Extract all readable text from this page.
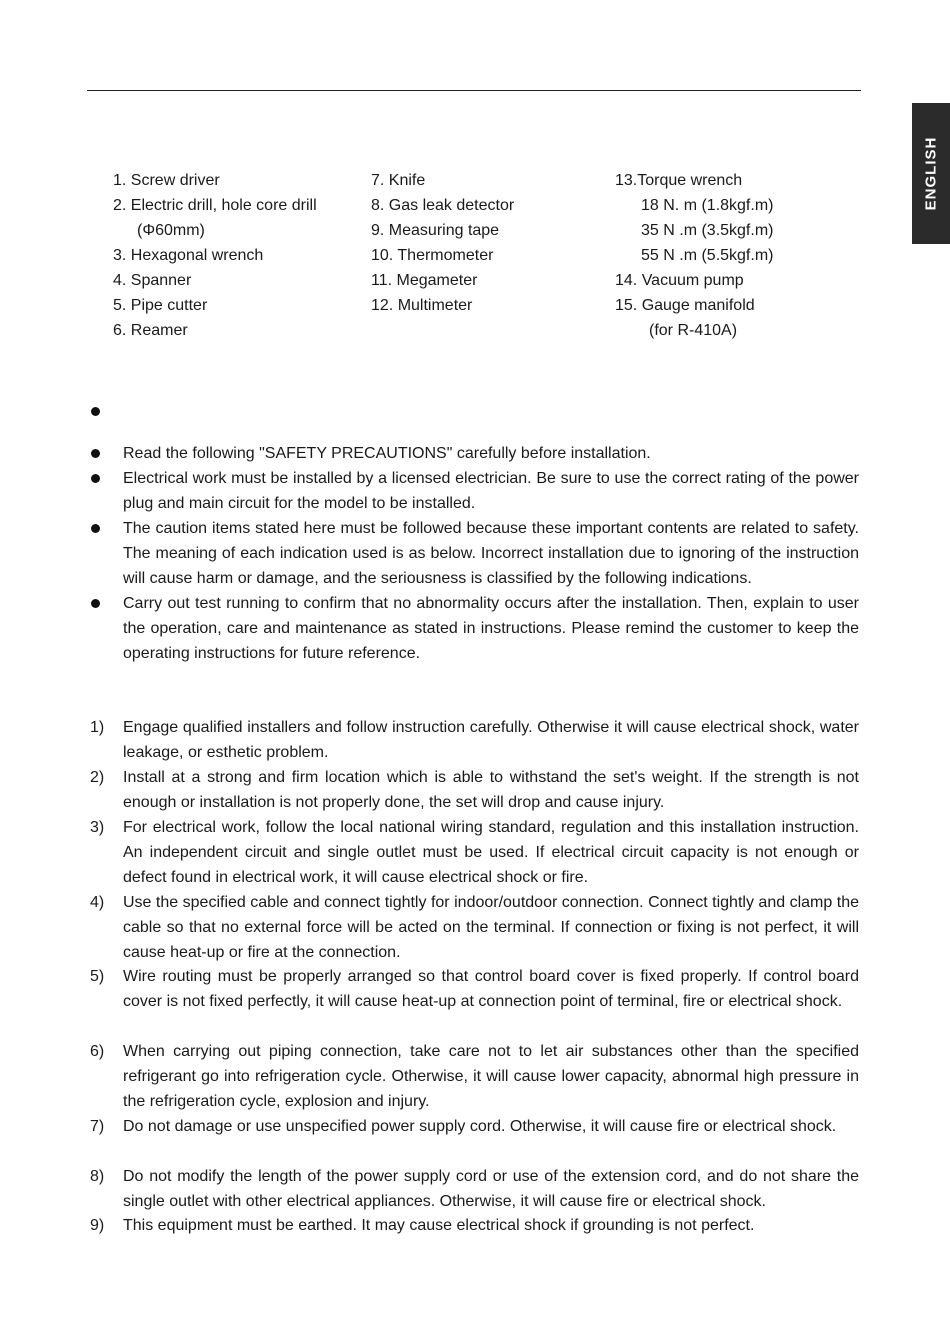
ENGLISH
1. Screw driver
2. Electric drill, hole core drill
(Φ60mm)
3. Hexagonal wrench
4. Spanner
5. Pipe cutter
6. Reamer
7. Knife
8. Gas leak detector
9. Measuring tape
10. Thermometer
11. Megameter
12. Multimeter
13.Torque wrench
18 N. m (1.8kgf.m)
35 N .m (3.5kgf.m)
55 N .m (5.5kgf.m)
14. Vacuum pump
15. Gauge manifold
(for R-410A)
Read the following "SAFETY PRECAUTIONS" carefully before installation.
Electrical work must be installed by a licensed electrician. Be sure to use the correct rating of the power plug and main circuit for the model to be installed.
The caution items stated here must be followed because these important contents are related to safety. The meaning of each indication used is as below. Incorrect installation due to ignoring of the instruction will cause harm or damage, and the seriousness is classified by the following indications.
Carry out test running to confirm that no abnormality occurs after the installation. Then, explain to user the operation, care and maintenance as stated in instructions. Please remind the customer to keep the operating instructions for future reference.
1) Engage qualified installers and follow instruction carefully. Otherwise it will cause electrical shock, water leakage, or esthetic problem.
2) Install at a strong and firm location which is able to withstand the set's weight. If the strength is not enough or installation is not properly done, the set will drop and cause injury.
3) For electrical work, follow the local national wiring standard, regulation and this installation instruction. An independent circuit and single outlet must be used. If electrical circuit capacity is not enough or defect found in electrical work, it will cause electrical shock or fire.
4) Use the specified cable and connect tightly for indoor/outdoor connection. Connect tightly and clamp the cable so that no external force will be acted on the terminal. If connection or fixing is not perfect, it will cause heat-up or fire at the connection.
5) Wire routing must be properly arranged so that control board cover is fixed properly. If control board cover is not fixed perfectly, it will cause heat-up at connection point of terminal, fire or electrical shock.
6) When carrying out piping connection, take care not to let air substances other than the specified refrigerant go into refrigeration cycle. Otherwise, it will cause lower capacity, abnormal high pressure in the refrigeration cycle, explosion and injury.
7) Do not damage or use unspecified power supply cord. Otherwise, it will cause fire or electrical shock.
8) Do not modify the length of the power supply cord or use of the extension cord, and do not share the single outlet with other electrical appliances. Otherwise, it will cause fire or electrical shock.
9) This equipment must be earthed. It may cause electrical shock if grounding is not perfect.
